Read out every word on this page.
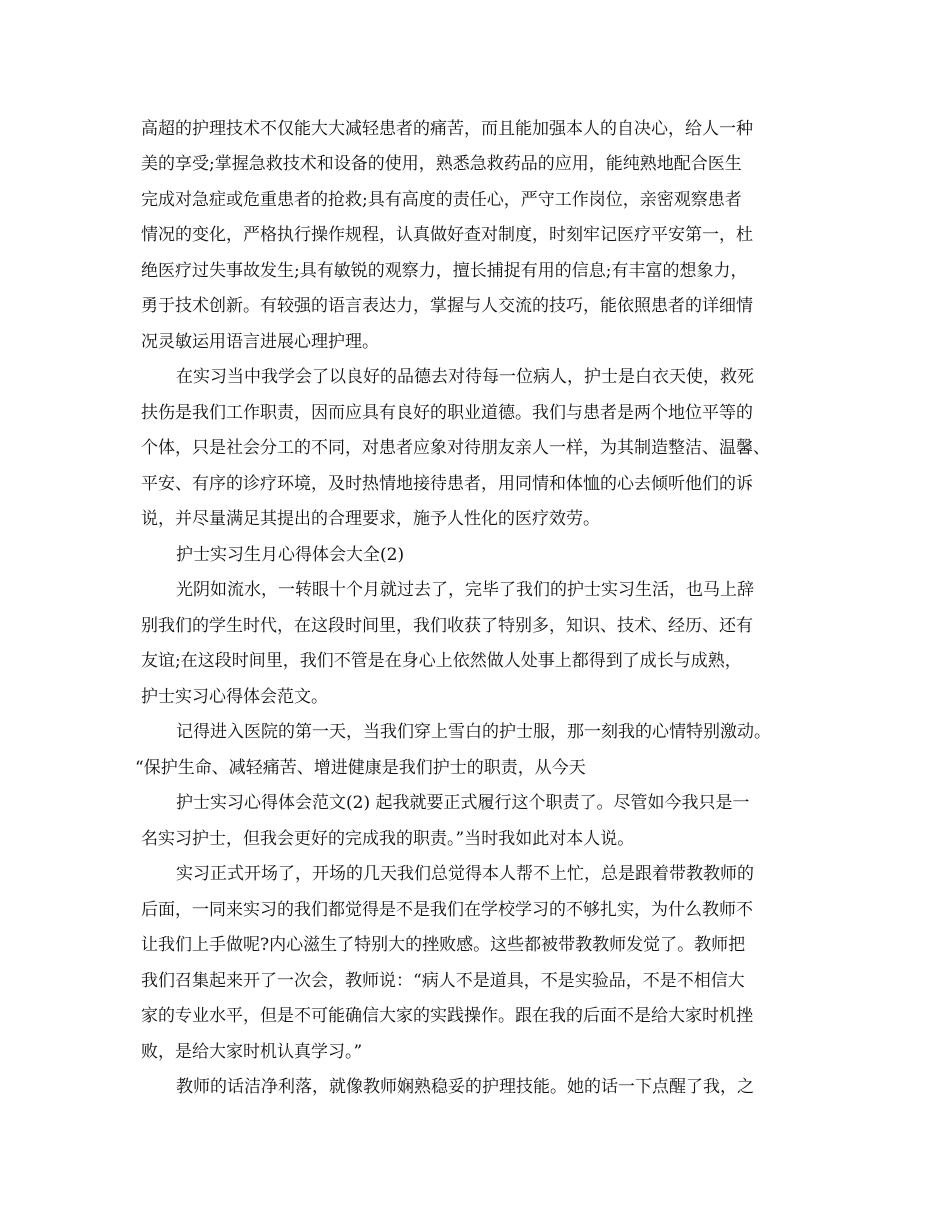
高超的护理技术不仅能大大减轻患者的痛苦，而且能加强本人的自决心，给人一种
美的享受;掌握急救技术和设备的使用，熟悉急救药品的应用，能纯熟地配合医生
完成对急症或危重患者的抢救;具有高度的责任心，严守工作岗位，亲密观察患者
情况的变化，严格执行操作规程，认真做好查对制度，时刻牢记医疗平安第一，杜
绝医疗过失事故发生;具有敏锐的观察力，擅长捕捉有用的信息;有丰富的想象力，
勇于技术创新。有较强的语言表达力，掌握与人交流的技巧，能依照患者的详细情
况灵敏运用语言进展心理护理。
在实习当中我学会了以良好的品德去对待每一位病人，护士是白衣天使，救死
扶伤是我们工作职责，因而应具有良好的职业道德。我们与患者是两个地位平等的
个体，只是社会分工的不同，对患者应象对待朋友亲人一样，为其制造整洁、温馨、
平安、有序的诊疗环境，及时热情地接待患者，用同情和体恤的心去倾听他们的诉
说，并尽量满足其提出的合理要求，施予人性化的医疗效劳。
护士实习生月心得体会大全(2)
光阴如流水，一转眼十个月就过去了，完毕了我们的护士实习生活，也马上辞
别我们的学生时代，在这段时间里，我们收获了特别多，知识、技术、经历、还有
友谊;在这段时间里，我们不管是在身心上依然做人处事上都得到了成长与成熟，
护士实习心得体会范文。
记得进入医院的第一天，当我们穿上雪白的护士服，那一刻我的心情特别激动。
“保护生命、减轻痛苦、增进健康是我们护士的职责，从今天
护士实习心得体会范文(2) 起我就要正式履行这个职责了。尽管如今我只是一
名实习护士，但我会更好的完成我的职责。”当时我如此对本人说。
实习正式开场了，开场的几天我们总觉得本人帮不上忙，总是跟着带教教师的
后面，一同来实习的我们都觉得是不是我们在学校学习的不够扎实，为什么教师不
让我们上手做呢?内心滋生了特别大的挫败感。这些都被带教教师发觉了。教师把
我们召集起来开了一次会，教师说：“病人不是道具，不是实验品，不是不相信大
家的专业水平，但是不可能确信大家的实践操作。跟在我的后面不是给大家时机挫
败，是给大家时机认真学习。”
教师的话洁净利落，就像教师娴熟稳妥的护理技能。她的话一下点醒了我，之
